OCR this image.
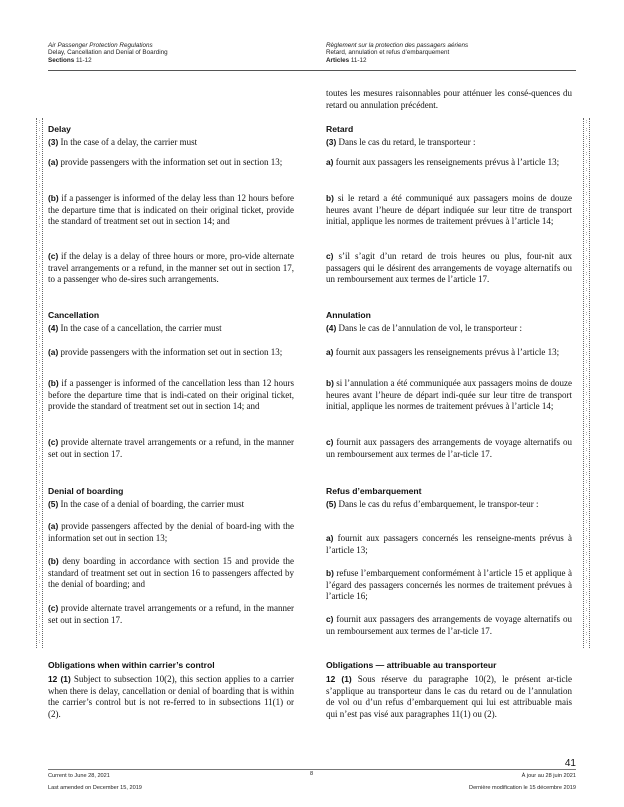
Air Passenger Protection Regulations
Delay, Cancellation and Denial of Boarding
Sections 11-12
Règlement sur la protection des passagers aériens
Retard, annulation et refus d’embarquement
Articles 11-12
toutes les mesures raisonnables pour atténuer les consé-quences du retard ou annulation précédent.
:
:
:
:
:
:
:
:
:
:
:
:
:
:
:
:
:
:
:
:
:
:
:
:
:
:
:
:
:
:
:
:
:
:
:
:
:
:
:
:
:
:
:
:
:
:
:
:
:
:
:
:
:
:
:
:
:
:
:
:
:
:
:
:
:
:
:
:
:
:
:
:
:
:
:
:
:
:
:
:
:
:
:
:
:
:
:
:
:
:
:
:
:
:
:
:
:
:
:
:
:
:
:
:
:
:
:
:
:
:
:
:
:
:
:
:
:
:
:
:
:
:
:
:
:
:
:
:
:
:
:
:
Delay
(3) In the case of a delay, the carrier must
(a) provide passengers with the information set out in section 13;
(b) if a passenger is informed of the delay less than 12 hours before the departure time that is indicated on their original ticket, provide the standard of treatment set out in section 14; and
(c) if the delay is a delay of three hours or more, pro-vide alternate travel arrangements or a refund, in the manner set out in section 17, to a passenger who de-sires such arrangements.
Cancellation
(4) In the case of a cancellation, the carrier must
(a) provide passengers with the information set out in section 13;
(b) if a passenger is informed of the cancellation less than 12 hours before the departure time that is indi-cated on their original ticket, provide the standard of treatment set out in section 14; and
(c) provide alternate travel arrangements or a refund, in the manner set out in section 17.
Denial of boarding
(5) In the case of a denial of boarding, the carrier must
(a) provide passengers affected by the denial of board-ing with the information set out in section 13;
(b) deny boarding in accordance with section 15 and provide the standard of treatment set out in section 16 to passengers affected by the denial of boarding; and
(c) provide alternate travel arrangements or a refund, in the manner set out in section 17.
Obligations when within carrier’s control
12 (1) Subject to subsection 10(2), this section applies to a carrier when there is delay, cancellation or denial of boarding that is within the carrier’s control but is not re-ferred to in subsections 11(1) or (2).
Retard
(3) Dans le cas du retard, le transporteur :
a) fournit aux passagers les renseignements prévus à l’article 13;
b) si le retard a été communiqué aux passagers moins de douze heures avant l’heure de départ indiquée sur leur titre de transport initial, applique les normes de traitement prévues à l’article 14;
c) s’il s’agit d’un retard de trois heures ou plus, four-nit aux passagers qui le désirent des arrangements de voyage alternatifs ou un remboursement aux termes de l’article 17.
Annulation
(4) Dans le cas de l’annulation de vol, le transporteur :
a) fournit aux passagers les renseignements prévus à l’article 13;
b) si l’annulation a été communiquée aux passagers moins de douze heures avant l’heure de départ indi-quée sur leur titre de transport initial, applique les normes de traitement prévues à l’article 14;
c) fournit aux passagers des arrangements de voyage alternatifs ou un remboursement aux termes de l’ar-ticle 17.
Refus d’embarquement
(5) Dans le cas du refus d’embarquement, le transpor-teur :
a) fournit aux passagers concernés les renseigne-ments prévus à l’article 13;
b) refuse l’embarquement conformément à l’article 15 et applique à l’égard des passagers concernés les normes de traitement prévues à l’article 16;
c) fournit aux passagers des arrangements de voyage alternatifs ou un remboursement aux termes de l’ar-ticle 17.
Obligations — attribuable au transporteur
12 (1) Sous réserve du paragraphe 10(2), le présent ar-ticle s’applique au transporteur dans le cas du retard ou de l’annulation de vol ou d’un refus d’embarquement qui lui est attribuable mais qui n’est pas visé aux paragraphes 11(1) ou (2).
41
Current to June 28, 2021
Last amended on December 15, 2019
8	À jour au 28 juin 2021
Dernière modification le 15 décembre 2019
